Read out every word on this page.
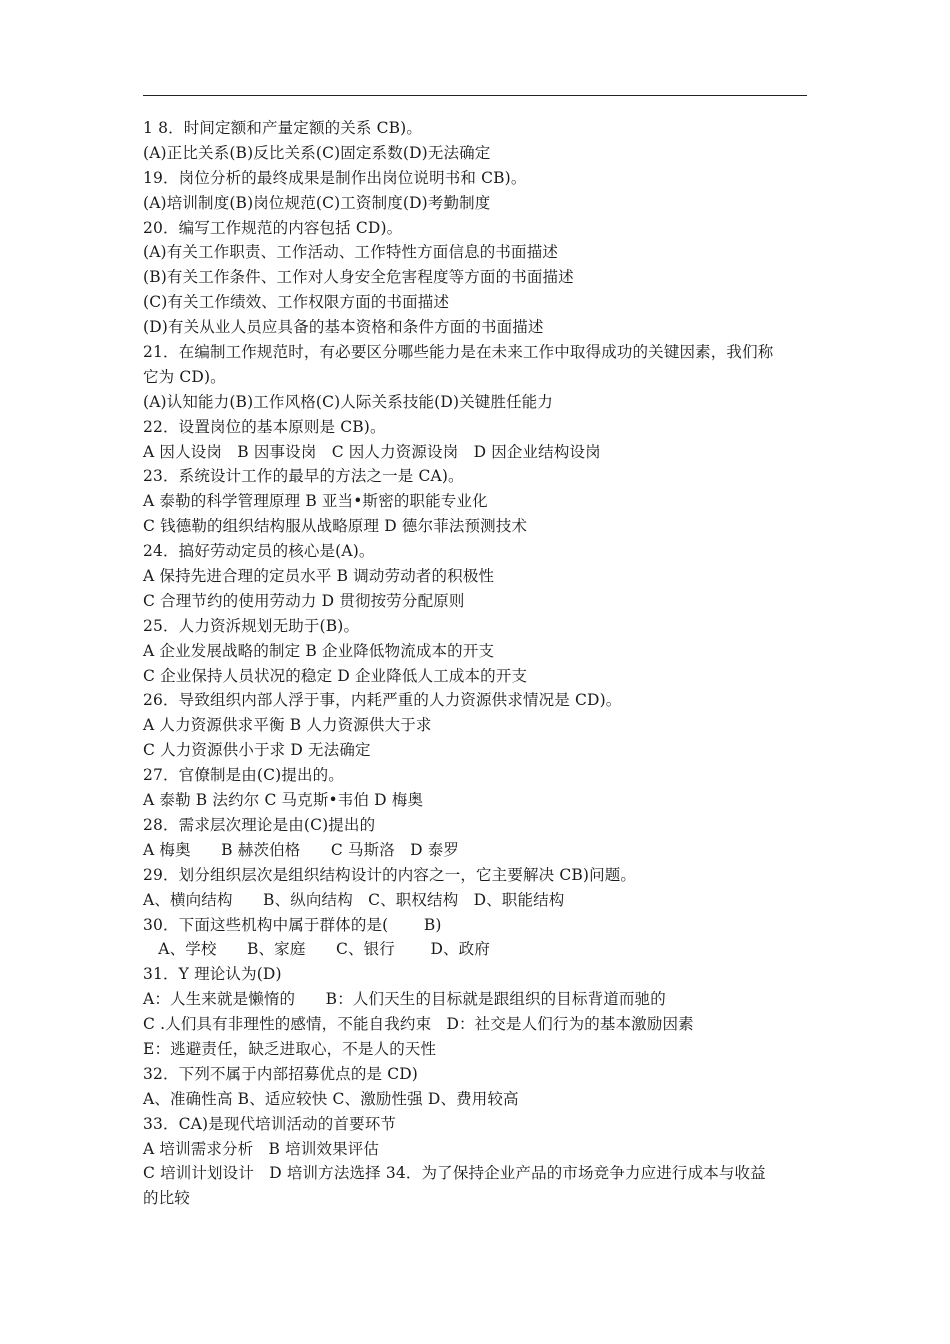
1 8．时间定额和产量定额的关系 CB)。
(A)正比关系(B)反比关系(C)固定系数(D)无法确定
19．岗位分析的最终成果是制作出岗位说明书和 CB)。
(A)培训制度(B)岗位规范(C)工资制度(D)考勤制度
20．编写工作规范的内容包括 CD)。
(A)有关工作职责、工作活动、工作特性方面信息的书面描述
(B)有关工作条件、工作对人身安全危害程度等方面的书面描述
(C)有关工作绩效、工作权限方面的书面描述
(D)有关从业人员应具备的基本资格和条件方面的书面描述
21．在编制工作规范时，有必要区分哪些能力是在未来工作中取得成功的关键因素，我们称
它为 CD)。
(A)认知能力(B)工作风格(C)人际关系技能(D)关键胜任能力
22．设置岗位的基本原则是 CB)。
A 因人设岗   B 因事设岗   C 因人力资源设岗   D 因企业结构设岗
23．系统设计工作的最早的方法之一是 CA)。
A 泰勒的科学管理原理 B 亚当•斯密的职能专业化
C 钱德勒的组织结构服从战略原理 D 德尔菲法预测技术
24．搞好劳动定员的核心是(A)。
A 保持先进合理的定员水平 B 调动劳动者的积极性
C 合理节约的使用劳动力 D 贯彻按劳分配原则
25．人力资泝规划无助于(B)。
A 企业发展战略的制定 B 企业降低物流成本的开支
C 企业保持人员状况的稳定 D 企业降低人工成本的开支
26．导致组织内部人浮于事，内耗严重的人力资源供求情况是 CD)。
A 人力资源供求平衡 B 人力资源供大于求
C 人力资源供小于求 D 无法确定
27．官僚制是由(C)提出的。
A 泰勒 B 法约尔 C 马克斯•韦伯 D 梅奥
28．需求层次理论是由(C)提出的
A 梅奥      B 赫茨伯格      C 马斯洛   D 泰罗
29．划分组织层次是组织结构设计的内容之一，它主要解决 CB)问题。
A、横向结构      B、纵向结构   C、职权结构   D、职能结构
30．下面这些机构中属于群体的是(       B)
A、学校      B、家庭      C、银行       D、政府
31．Y 理论认为(D)
A：人生来就是懒惰的      B：人们天生的目标就是跟组织的目标背道而驰的
C .人们具有非理性的感情，不能自我约束   D：社交是人们行为的基本激励因素
E：逃避责任，缺乏进取心，不是人的天性
32．下列不属于内部招募优点的是 CD)
A、准确性高 B、适应较快 C、激励性强 D、费用较高
33．CA)是现代培训活动的首要环节
A 培训需求分析   B 培训效果评估
C 培训计划设计   D 培训方法选择 34．为了保持企业产品的市场竞争力应进行成本与收益
的比较
